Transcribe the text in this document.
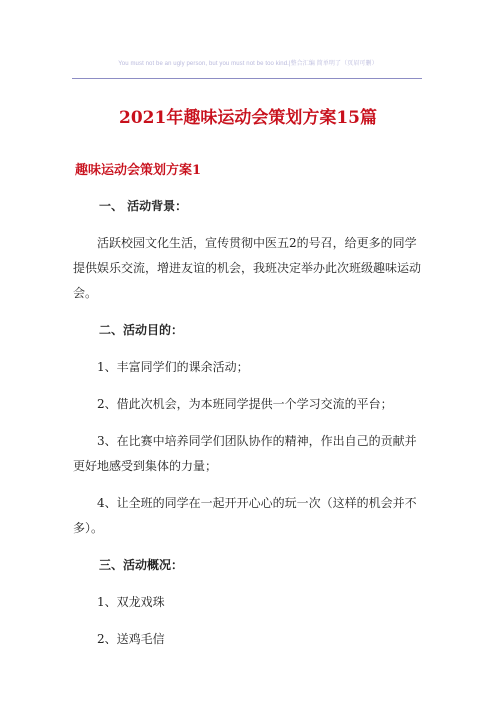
You must not be an ugly person, but you must not be too kind.|整合汇编 简单明了（页眉可删）
2021年趣味运动会策划方案15篇
趣味运动会策划方案1
一、 活动背景：
活跃校园文化生活，宣传贯彻中医五2的号召，给更多的同学提供娱乐交流，增进友谊的机会，我班决定举办此次班级趣味运动会。
二、活动目的：
1、丰富同学们的课余活动；
2、借此次机会，为本班同学提供一个学习交流的平台；
3、在比赛中培养同学们团队协作的精神，作出自己的贡献并更好地感受到集体的力量；
4、让全班的同学在一起开开心心的玩一次（这样的机会并不多）。
三、活动概况：
1、双龙戏珠
2、送鸡毛信
